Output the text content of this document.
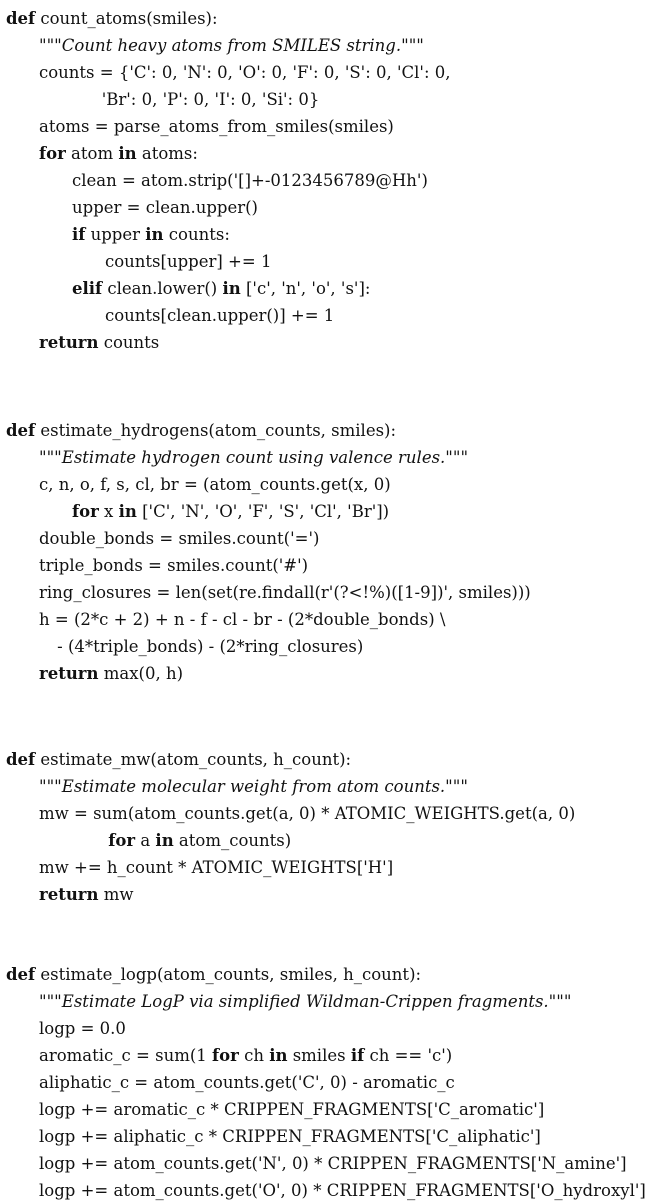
def count_atoms(smiles):
"""Count heavy atoms from SMILES string."""
counts = {'C': 0, 'N': 0, 'O': 0, 'F': 0, 'S': 0, 'Cl': 0,
'Br': 0, 'P': 0, 'I': 0, 'Si': 0}
atoms = parse_atoms_from_smiles(smiles)
for atom in atoms:
clean = atom.strip('[]+-0123456789@Hh')
upper = clean.upper()
if upper in counts:
counts[upper] += 1
elif clean.lower() in ['c', 'n', 'o', 's']:
counts[clean.upper()] += 1
return counts
def estimate_hydrogens(atom_counts, smiles):
"""Estimate hydrogen count using valence rules."""
c, n, o, f, s, cl, br = (atom_counts.get(x, 0)
for x in ['C', 'N', 'O', 'F', 'S', 'Cl', 'Br'])
double_bonds = smiles.count('=')
triple_bonds = smiles.count('#')
ring_closures = len(set(re.findall(r'(?<!%)([1-9])', smiles)))
h = (2*c + 2) + n - f - cl - br - (2*double_bonds) \
- (4*triple_bonds) - (2*ring_closures)
return max(0, h)
def estimate_mw(atom_counts, h_count):
"""Estimate molecular weight from atom counts."""
mw = sum(atom_counts.get(a, 0) * ATOMIC_WEIGHTS.get(a, 0)
for a in atom_counts)
mw += h_count * ATOMIC_WEIGHTS['H']
return mw
def estimate_logp(atom_counts, smiles, h_count):
"""Estimate LogP via simplified Wildman-Crippen fragments."""
logp = 0.0
aromatic_c = sum(1 for ch in smiles if ch == 'c')
aliphatic_c = atom_counts.get('C', 0) - aromatic_c
logp += aromatic_c * CRIPPEN_FRAGMENTS['C_aromatic']
logp += aliphatic_c * CRIPPEN_FRAGMENTS['C_aliphatic']
logp += atom_counts.get('N', 0) * CRIPPEN_FRAGMENTS['N_amine']
logp += atom_counts.get('O', 0) * CRIPPEN_FRAGMENTS['O_hydroxyl']
